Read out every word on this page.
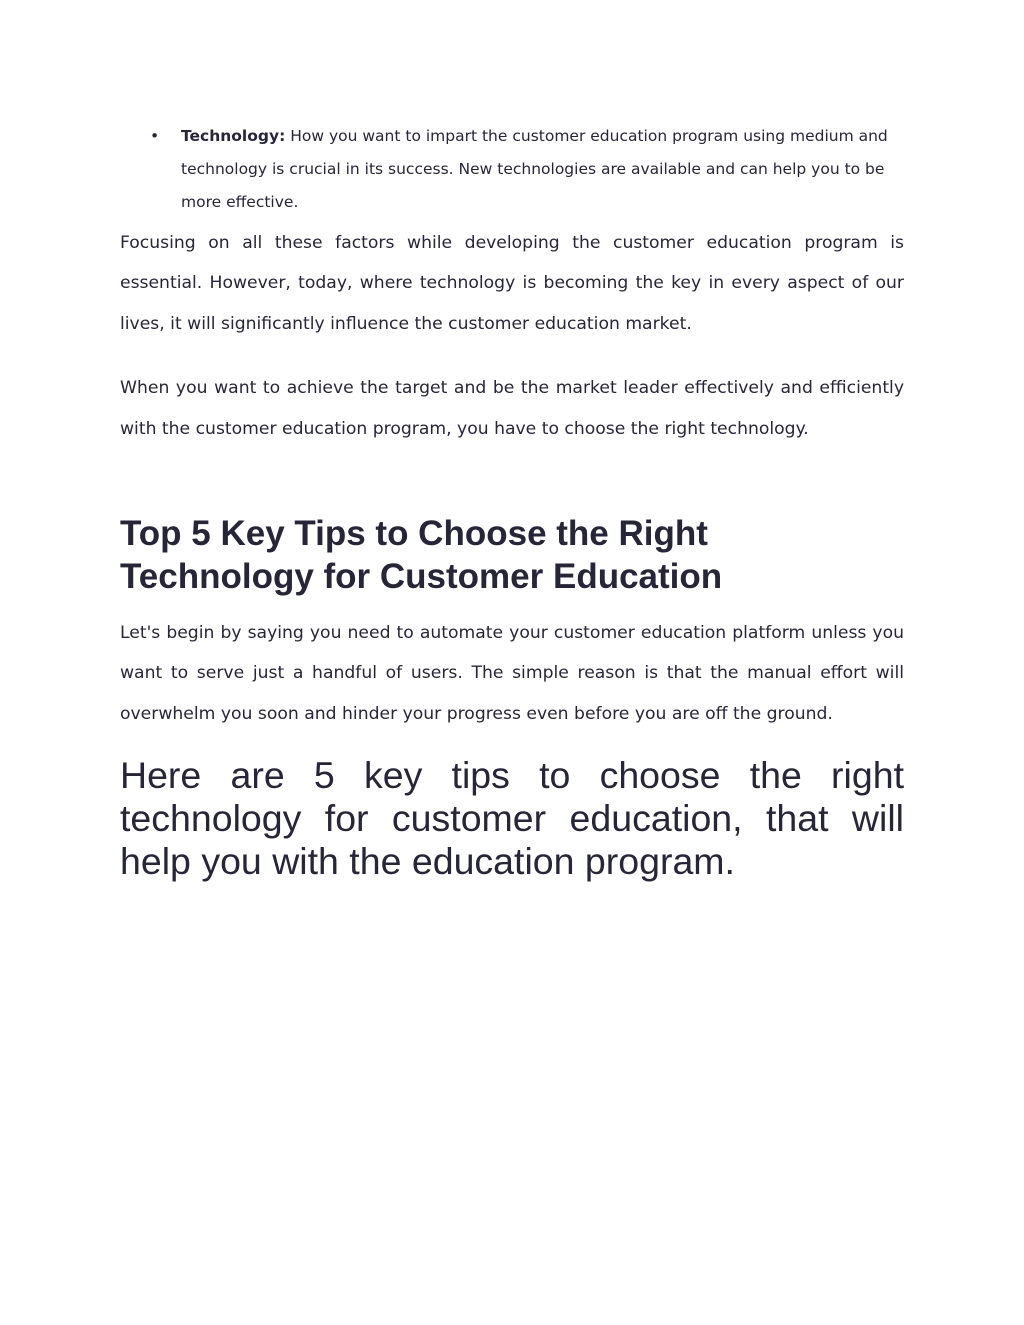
• Technology: How you want to impart the customer education program using medium and technology is crucial in its success. New technologies are available and can help you to be more effective.

Focusing on all these factors while developing the customer education program is essential. However, today, where technology is becoming the key in every aspect of our lives, it will significantly influence the customer education market.

When you want to achieve the target and be the market leader effectively and efficiently with the customer education program, you have to choose the right technology.

Top 5 Key Tips to Choose the Right
Technology for Customer Education

Let's begin by saying you need to automate your customer education platform unless you want to serve just a handful of users. The simple reason is that the manual effort will overwhelm you soon and hinder your progress even before you are off the ground.

Here are 5 key tips to choose the right technology for customer education, that will help you with the education program.
